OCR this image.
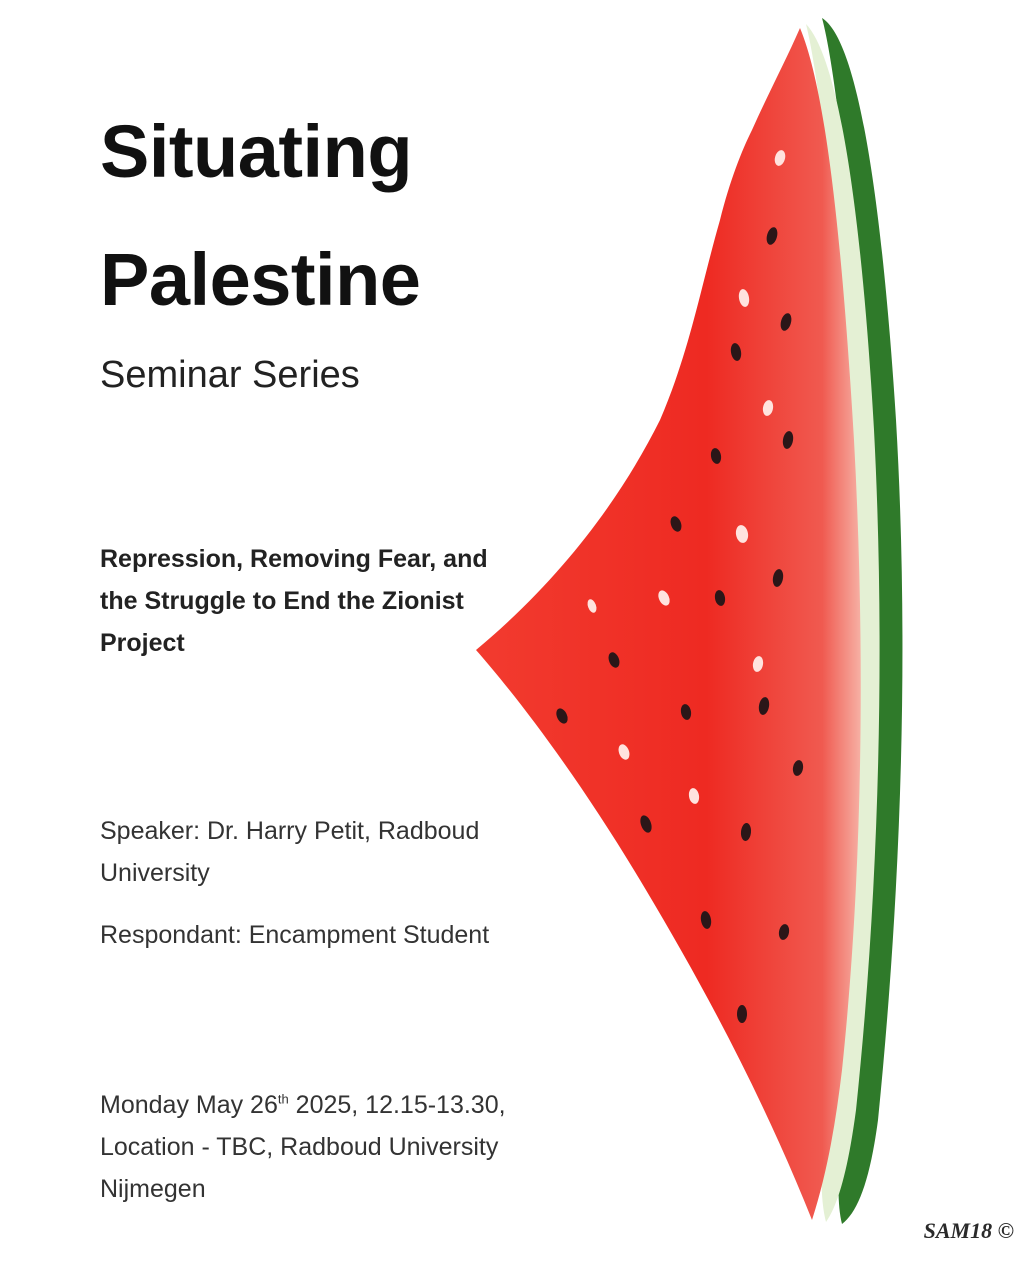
Situating
Palestine

Seminar Series

Repression, Removing Fear, and the Struggle to End the Zionist Project

Speaker: Dr. Harry Petit, Radboud University

Respondant: Encampment Student

Monday May 26th 2025, 12.15-13.30, Location - TBC, Radboud University Nijmegen

SAM18 ©
